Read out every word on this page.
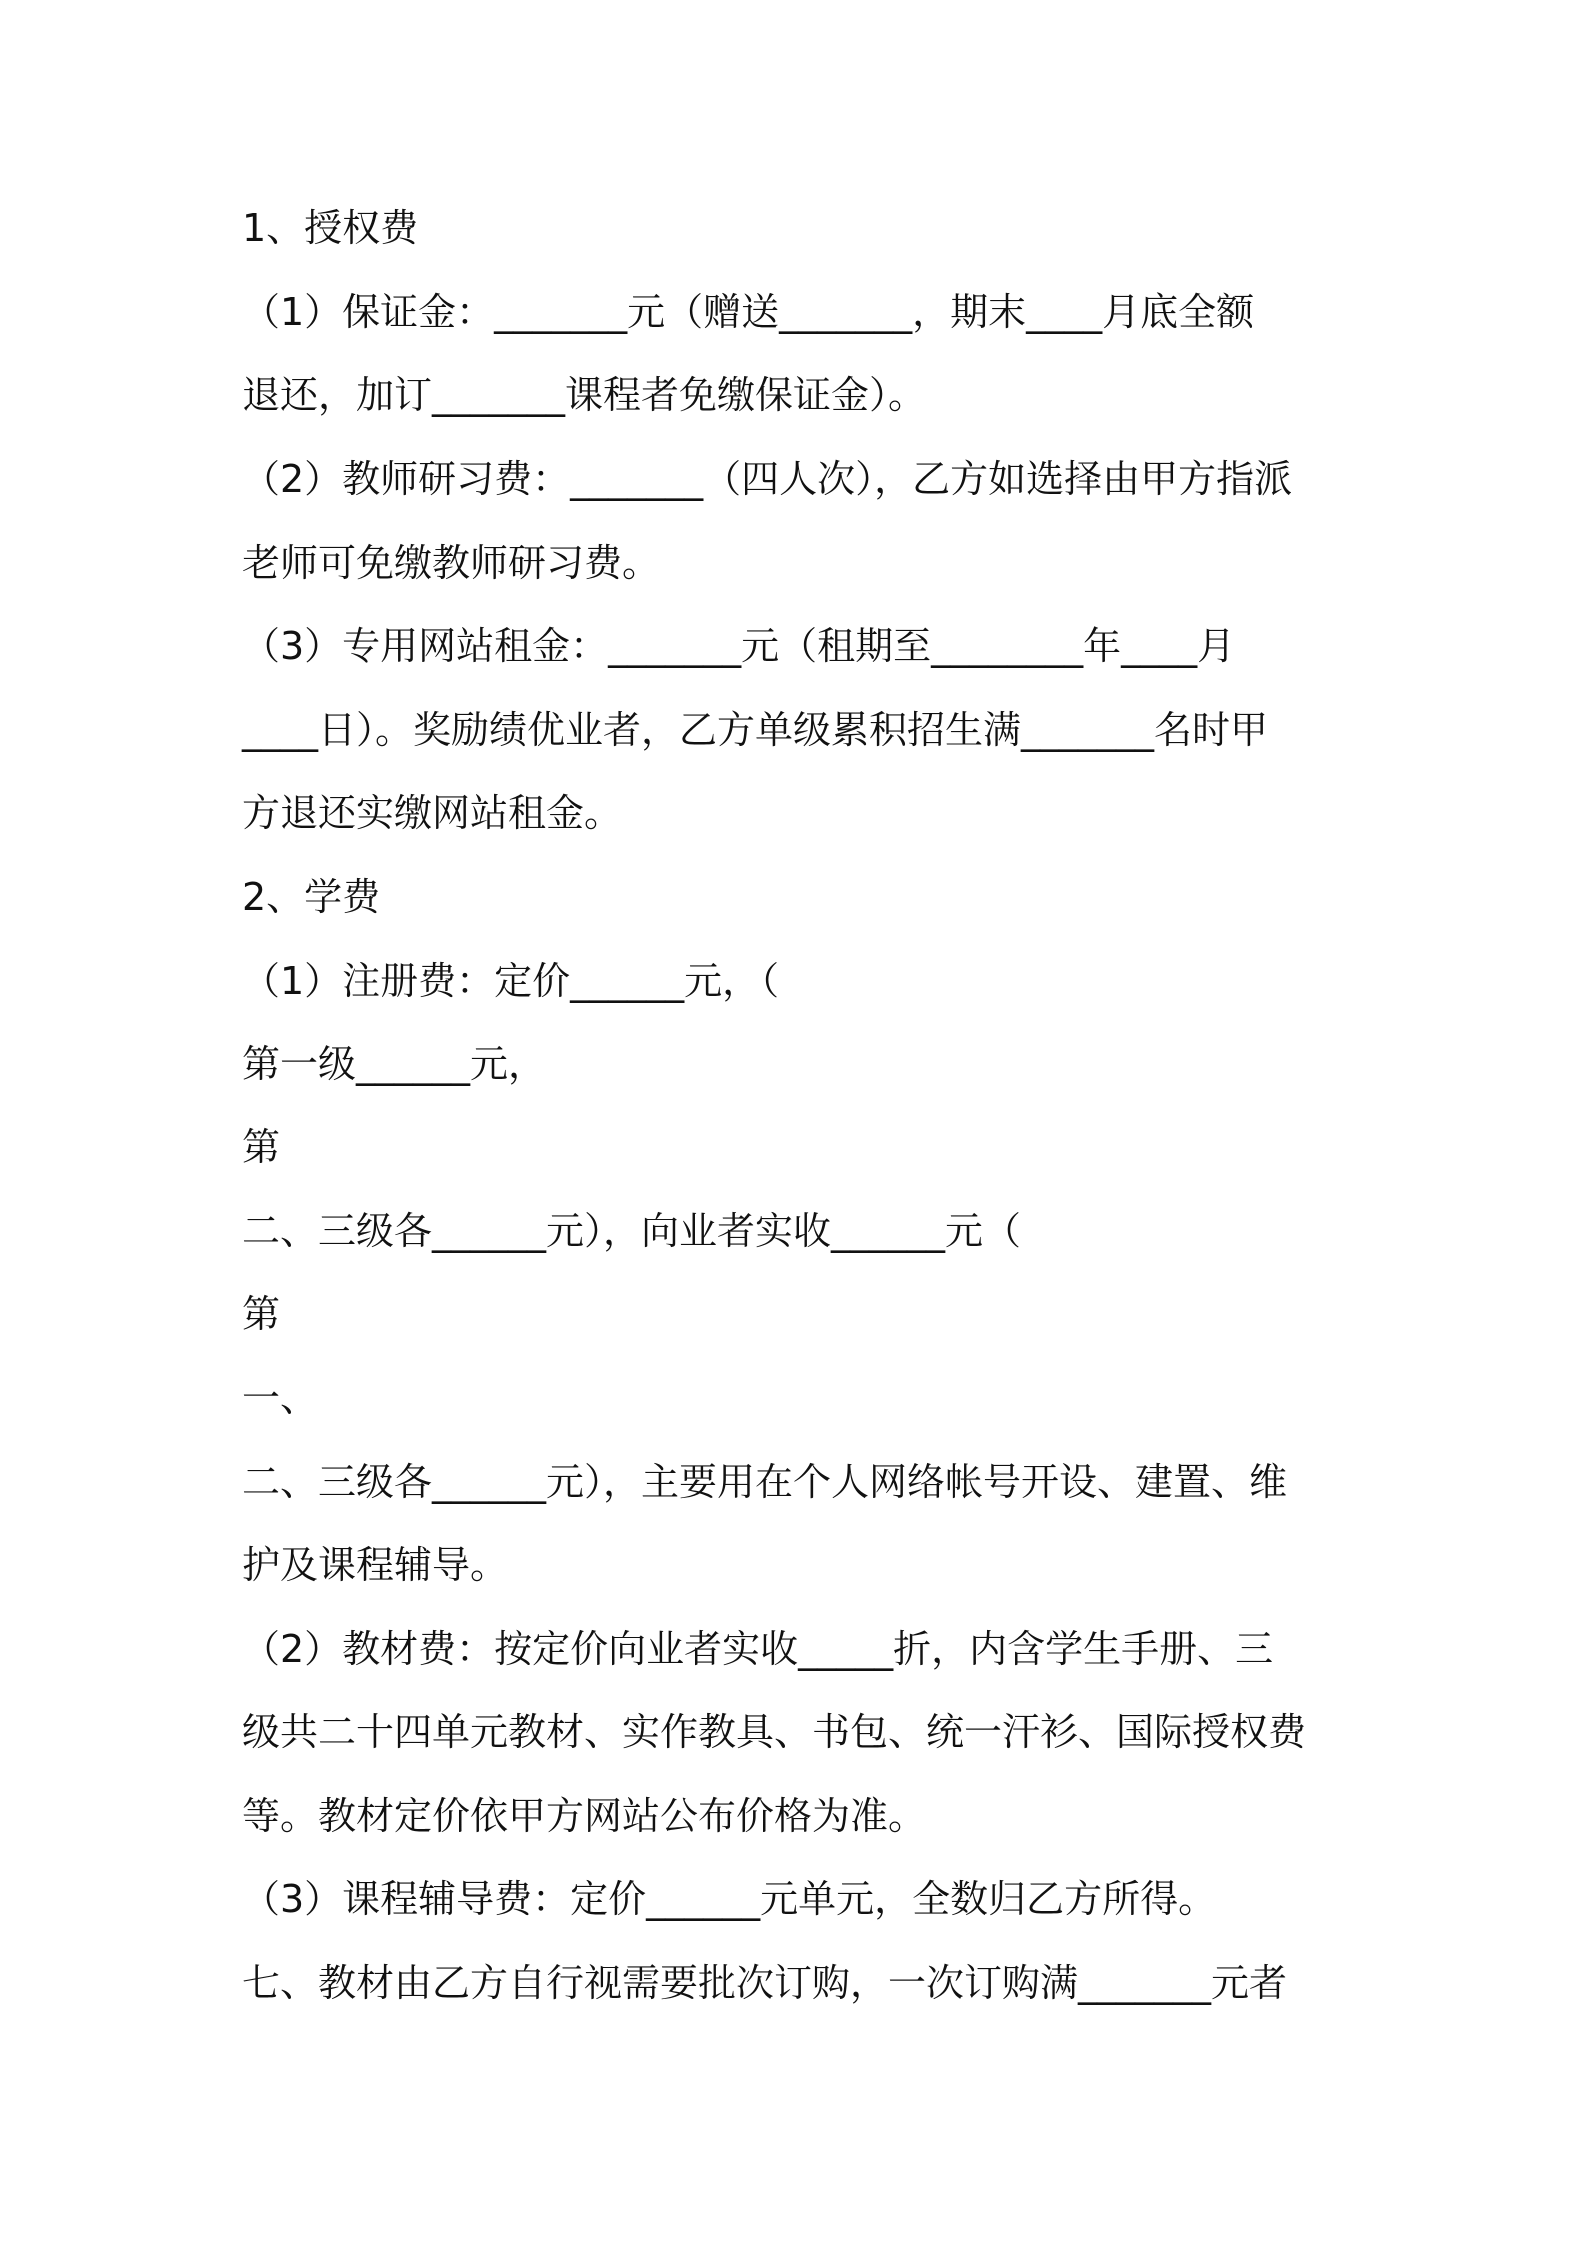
1、授权费
（1）保证金：_______元（赠送_______，期末____月底全额
退还，加订_______课程者免缴保证金）。
（2）教师研习费：_______（四人次），乙方如选择由甲方指派
老师可免缴教师研习费。
（3）专用网站租金：_______元（租期至________年____月
____日）。奖励绩优业者，乙方单级累积招生满_______名时甲
方退还实缴网站租金。
2、学费
（1）注册费：定价______元，（
第一级______元，
第
二、三级各______元），向业者实收______元（
第
一、
二、三级各______元），主要用在个人网络帐号开设、建置、维
护及课程辅导。
（2）教材费：按定价向业者实收_____折，内含学生手册、三
级共二十四单元教材、实作教具、书包、统一汗衫、国际授权费
等。教材定价依甲方网站公布价格为准。
（3）课程辅导费：定价______元单元，全数归乙方所得。
七、教材由乙方自行视需要批次订购，一次订购满_______元者
